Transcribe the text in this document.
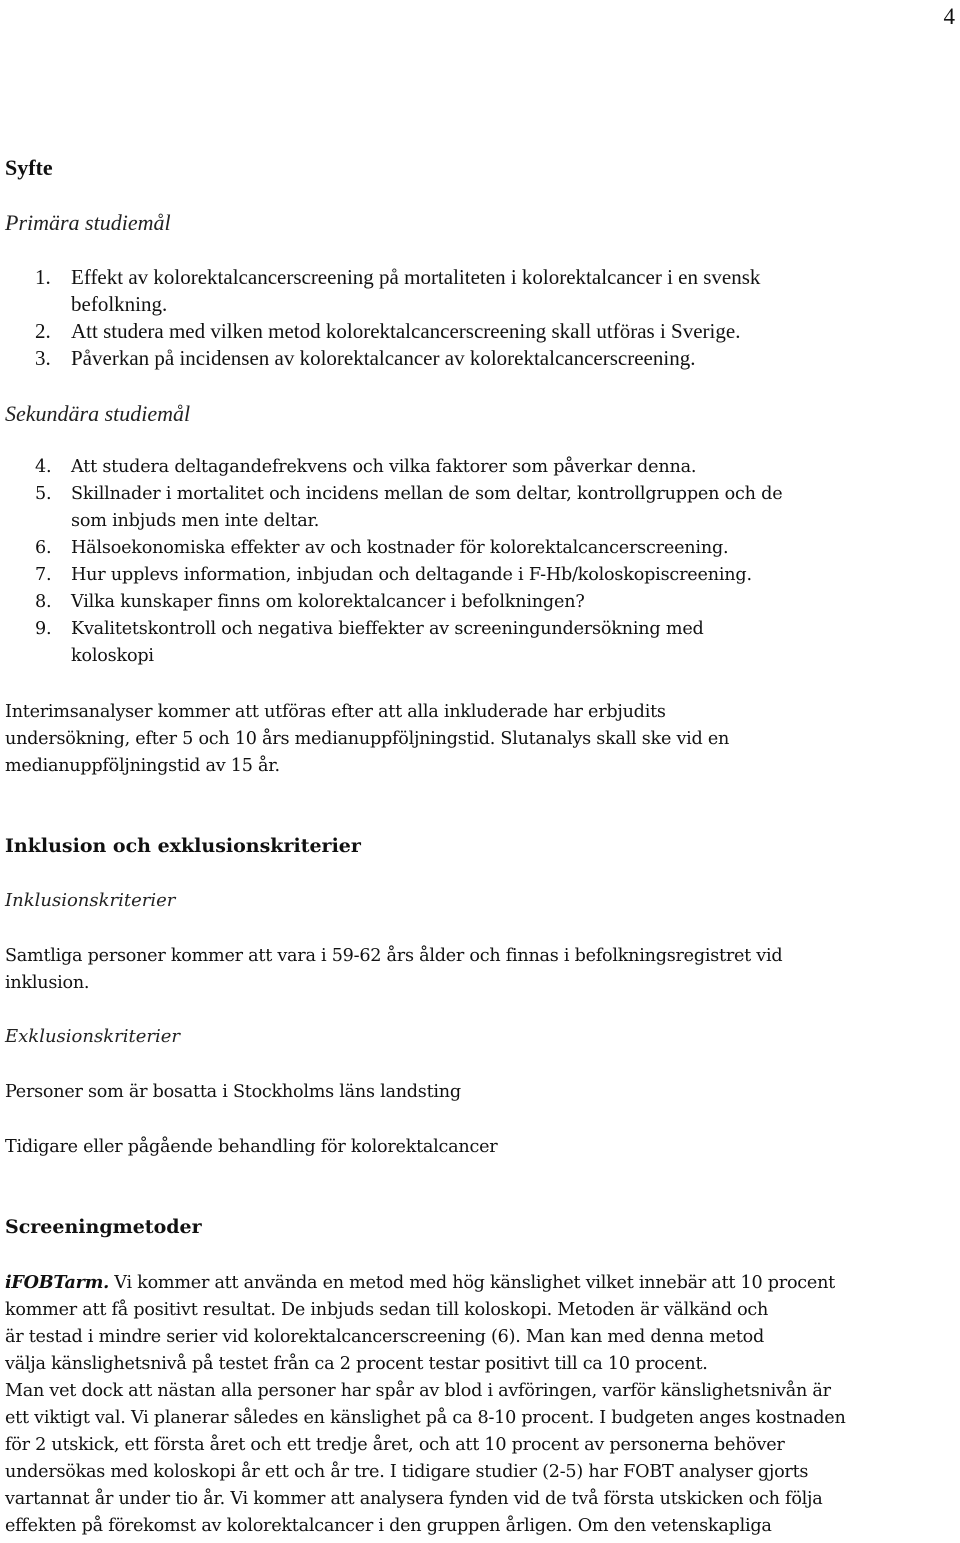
4
Syfte
Primära studiemål
1. Effekt av kolorektalcancerscreening på mortaliteten i kolorektalcancer i en svensk
befolkning.
2. Att studera med vilken metod kolorektalcancerscreening skall utföras i Sverige.
3. Påverkan på incidensen av kolorektalcancer av kolorektalcancerscreening.
Sekundära studiemål
4. Att studera deltagandefrekvens och vilka faktorer som påverkar denna.
5. Skillnader i mortalitet och incidens mellan de som deltar, kontrollgruppen och de
som inbjuds men inte deltar.
6. Hälsoekonomiska effekter av och kostnader för kolorektalcancerscreening.
7. Hur upplevs information, inbjudan och deltagande i F-Hb/koloskopiscreening.
8. Vilka kunskaper finns om kolorektalcancer i befolkningen?
9. Kvalitetskontroll och negativa bieffekter av screeningundersökning med
koloskopi

Interimsanalyser kommer att utföras efter att alla inkluderade har erbjudits
undersökning, efter 5 och 10 års medianuppföljningstid. Slutanalys skall ske vid en
medianuppföljningstid av 15 år.

Inklusion och exklusionskriterier
Inklusionskriterier

Samtliga personer kommer att vara i 59-62 års ålder och finnas i befolkningsregistret vid
inklusion.

Exklusionskriterier

Personer som är bosatta i Stockholms läns landsting

Tidigare eller pågående behandling för kolorektalcancer

Screeningmetoder

iFOBTarm. Vi kommer att använda en metod med hög känslighet vilket innebär att 10 procent
kommer att få positivt resultat. De inbjuds sedan till koloskopi. Metoden är välkänd och
är testad i mindre serier vid kolorektalcancerscreening (6). Man kan med denna metod
välja känslighetsnivå på testet från ca 2 procent testar positivt till ca 10 procent.
Man vet dock att nästan alla personer har spår av blod i avföringen, varför känslighetsnivån är
ett viktigt val. Vi planerar således en känslighet på ca 8-10 procent. I budgeten anges kostnaden
för 2 utskick, ett första året och ett tredje året, och att 10 procent av personerna behöver
undersökas med koloskopi år ett och år tre. I tidigare studier (2-5) har FOBT analyser gjorts
vartannat år under tio år. Vi kommer att analysera fynden vid de två första utskicken och följa
effekten på förekomst av kolorektalcancer i den gruppen årligen. Om den vetenskapliga
